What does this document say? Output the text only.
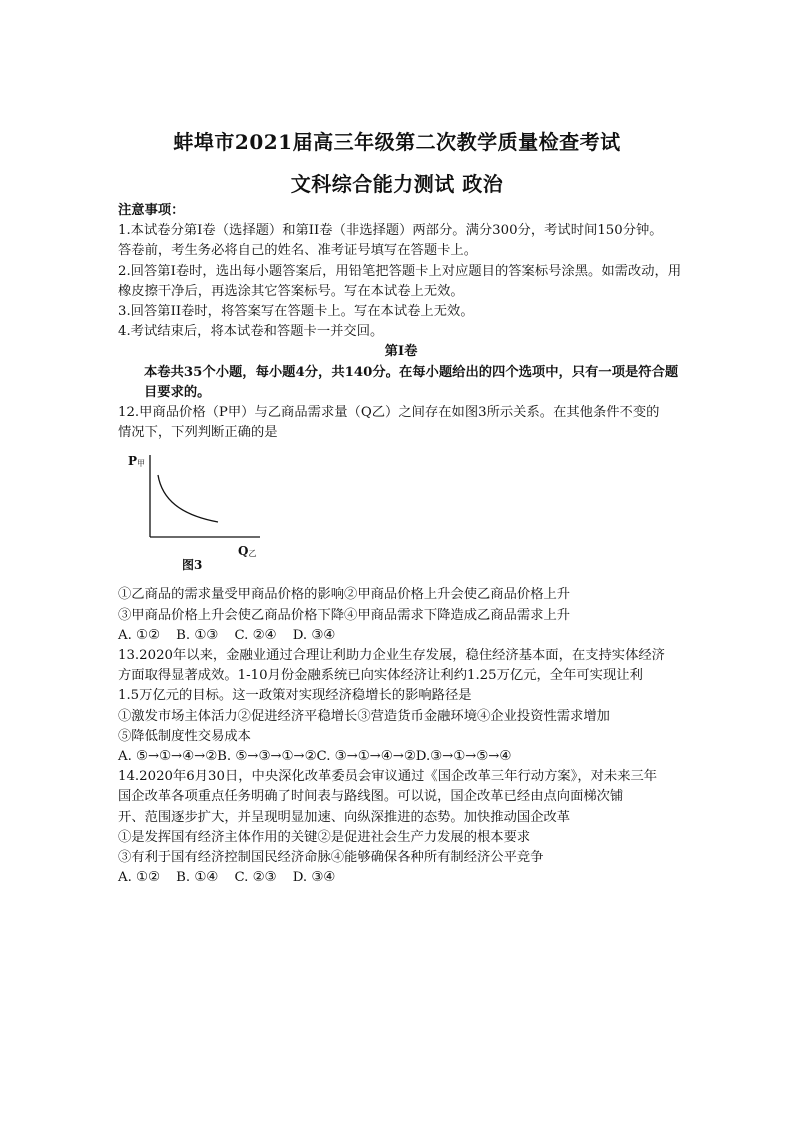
蚌埠市2021届高三年级第二次教学质量检查考试
文科综合能力测试 政治
注意事项：
1.本试卷分第I卷（选择题）和第II卷（非选择题）两部分。满分300分，考试时间150分钟。
答卷前，考生务必将自己的姓名、准考证号填写在答题卡上。
2.回答第I卷时，选出每小题答案后，用铅笔把答题卡上对应题目的答案标号涂黑。如需改动，用橡皮擦干净后，再选涂其它答案标号。写在本试卷上无效。
3.回答第II卷时，将答案写在答题卡上。写在本试卷上无效。
4.考试结束后，将本试卷和答题卡一并交回。
第I卷
本卷共35个小题，每小题4分，共140分。在每小题给出的四个选项中，只有一项是符合题目要求的。
12.甲商品价格（P甲）与乙商品需求量（Q乙）之间存在如图3所示关系。在其他条件不变的
情况下，下列判断正确的是
P甲
Q乙
图3
①乙商品的需求量受甲商品价格的影响②甲商品价格上升会使乙商品价格上升
③甲商品价格上升会使乙商品价格下降④甲商品需求下降造成乙商品需求上升
A. ①② B. ①③ C. ②④ D. ③④
13.2020年以来，金融业通过合理让利助力企业生存发展，稳住经济基本面，在支持实体经济
方面取得显著成效。1-10月份金融系统已向实体经济让利约1.25万亿元，全年可实现让利
1.5万亿元的目标。这一政策对实现经济稳增长的影响路径是
①激发市场主体活力②促进经济平稳增长③营造货币金融环境④企业投资性需求增加
⑤降低制度性交易成本
A. ⑤→①→④→②B. ⑤→③→①→②C. ③→①→④→②D.③→①→⑤→④
14.2020年6月30日，中央深化改革委员会审议通过《国企改革三年行动方案》，对未来三年
国企改革各项重点任务明确了时间表与路线图。可以说，国企改革已经由点向面梯次铺
开、范围逐步扩大，并呈现明显加速、向纵深推进的态势。加快推动国企改革
①是发挥国有经济主体作用的关键②是促进社会生产力发展的根本要求
③有利于国有经济控制国民经济命脉④能够确保各种所有制经济公平竞争
A. ①② B. ①④ C. ②③ D. ③④
